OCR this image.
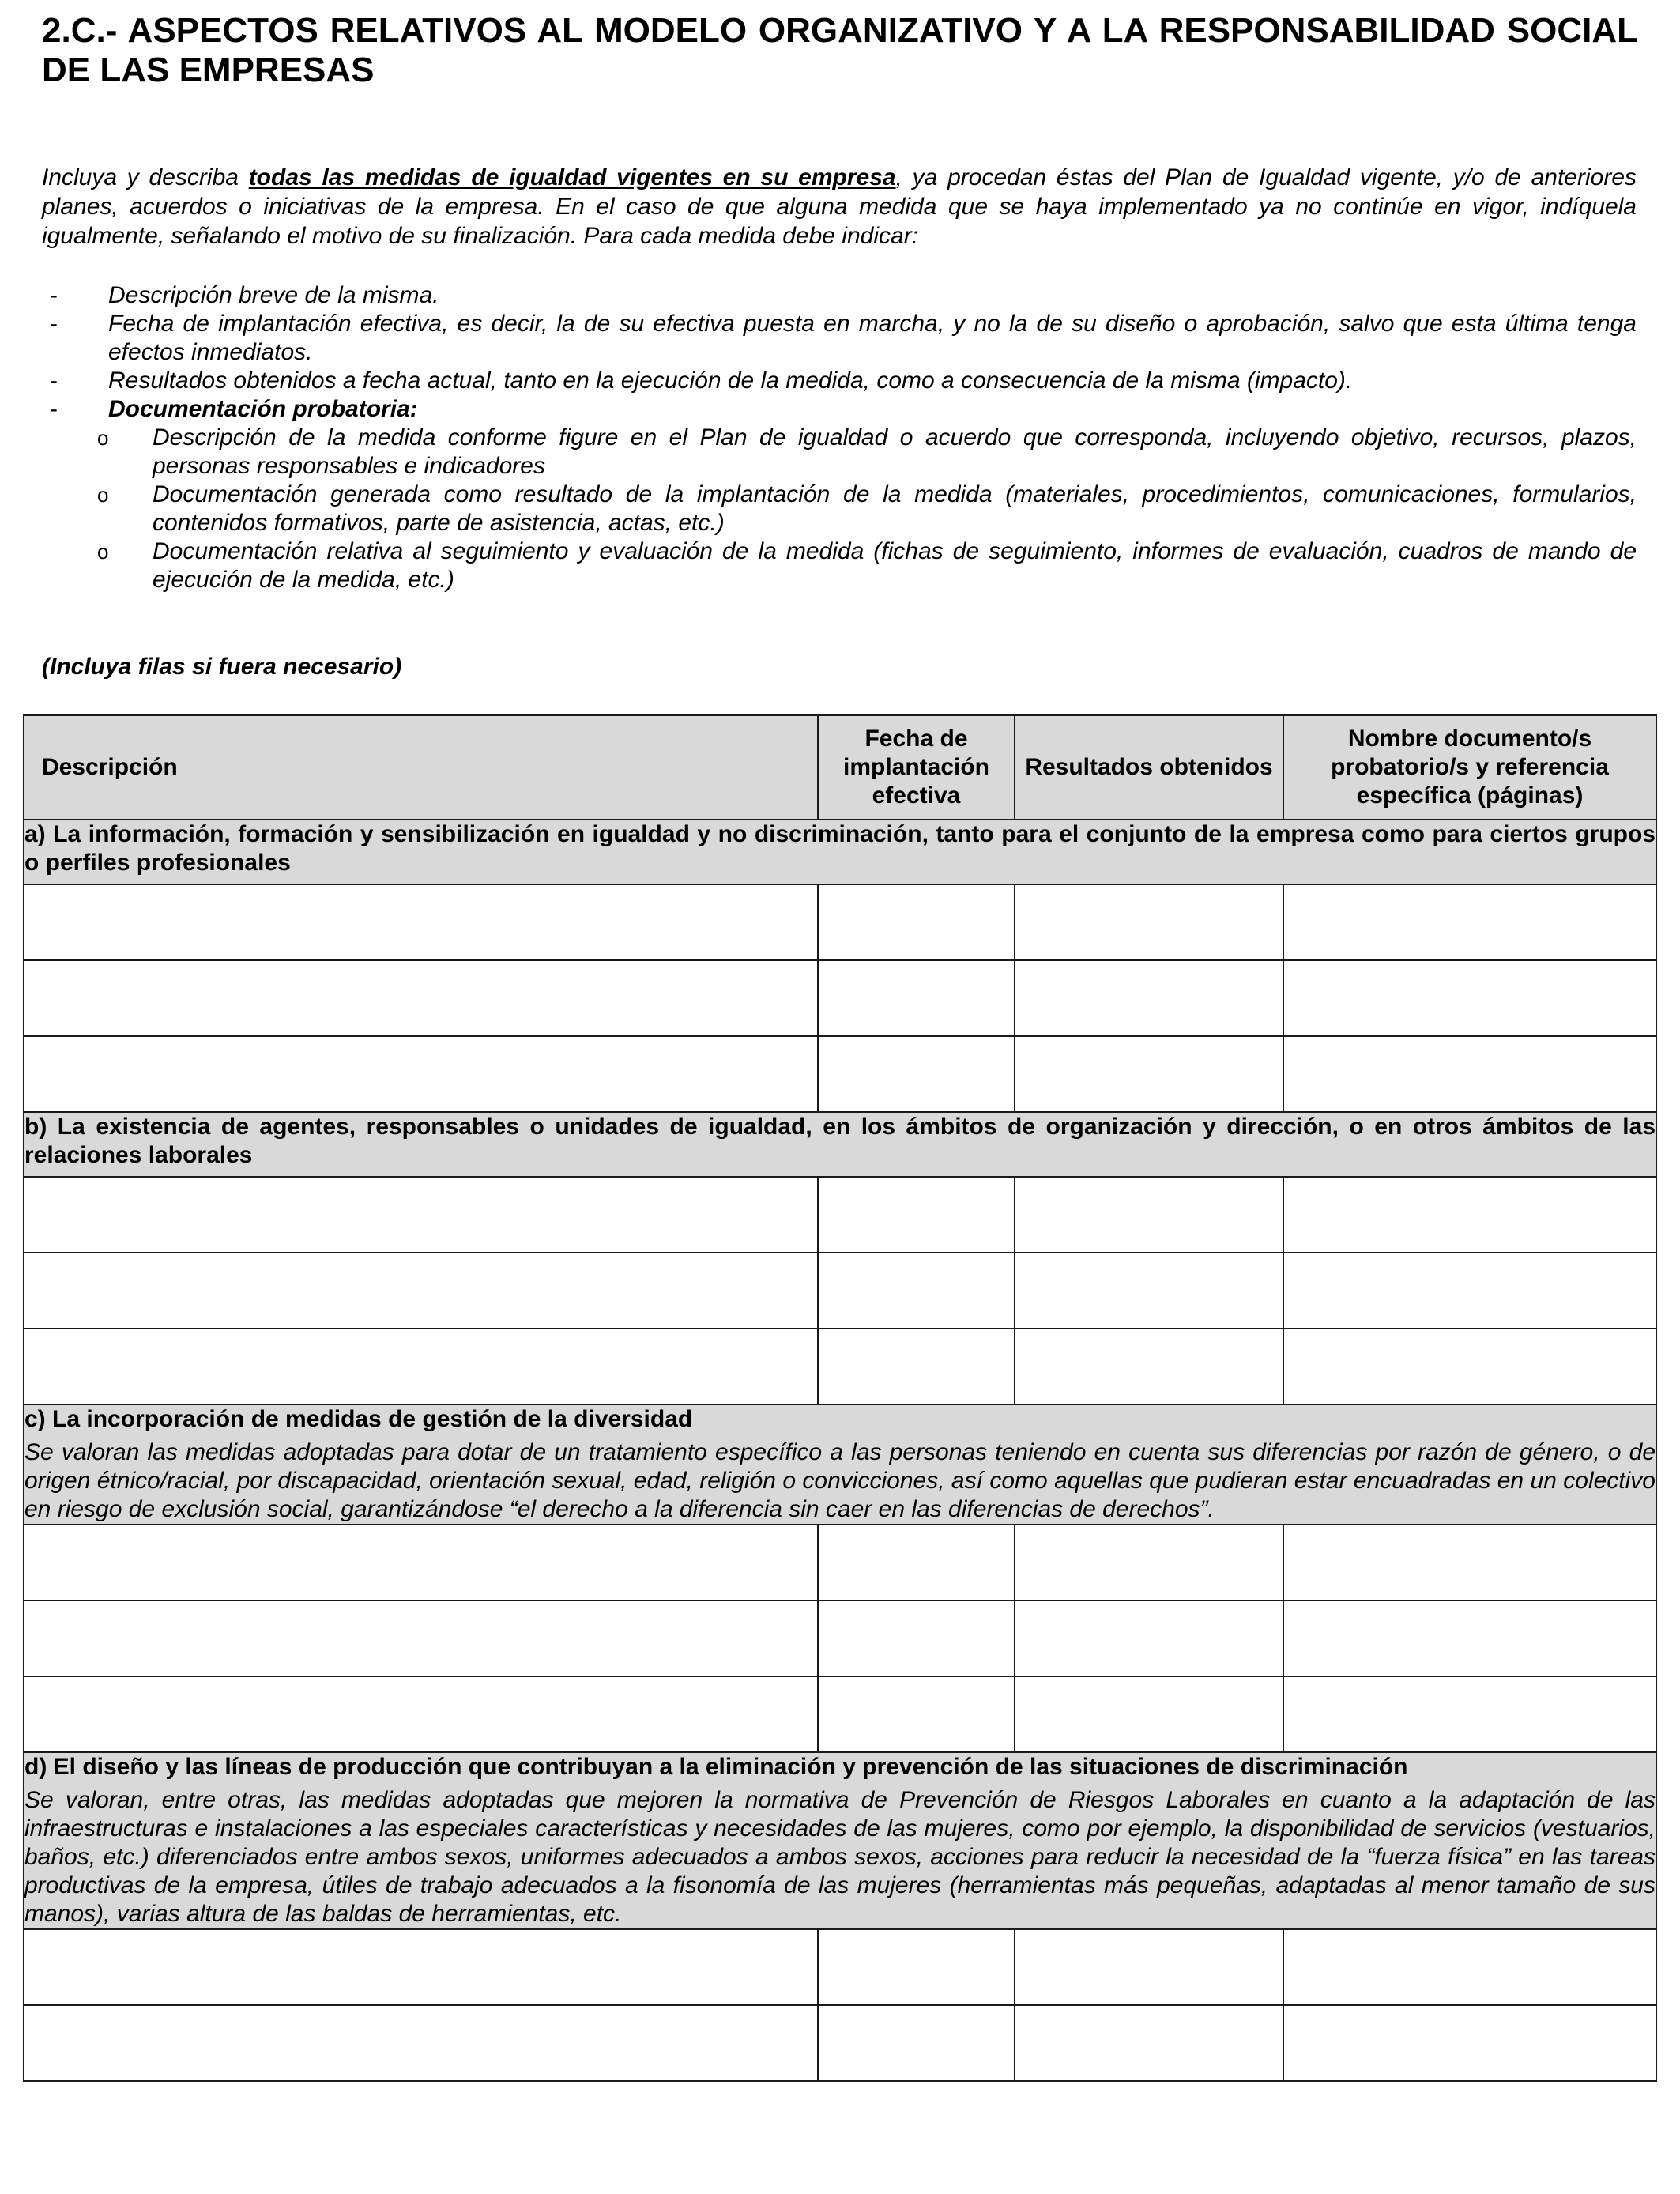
2.C.- ASPECTOS RELATIVOS AL MODELO ORGANIZATIVO Y A LA RESPONSABILIDAD SOCIAL DE LAS EMPRESAS

Incluya y describa todas las medidas de igualdad vigentes en su empresa, ya procedan éstas del Plan de Igualdad vigente, y/o de anteriores planes, acuerdos o iniciativas de la empresa. En el caso de que alguna medida que se haya implementado ya no continúe en vigor, indíquela igualmente, señalando el motivo de su finalización. Para cada medida debe indicar:

- Descripción breve de la misma.
- Fecha de implantación efectiva, es decir, la de su efectiva puesta en marcha, y no la de su diseño o aprobación, salvo que esta última tenga efectos inmediatos.
- Resultados obtenidos a fecha actual, tanto en la ejecución de la medida, como a consecuencia de la misma (impacto).
- Documentación probatoria:
o Descripción de la medida conforme figure en el Plan de igualdad o acuerdo que corresponda, incluyendo objetivo, recursos, plazos, personas responsables e indicadores
o Documentación generada como resultado de la implantación de la medida (materiales, procedimientos, comunicaciones, formularios, contenidos formativos, parte de asistencia, actas, etc.)
o Documentación relativa al seguimiento y evaluación de la medida (fichas de seguimiento, informes de evaluación, cuadros de mando de ejecución de la medida, etc.)
(Incluya filas si fuera necesario)
Descripción	Fecha de implantación efectiva	Resultados obtenidos	Nombre documento/s probatorio/s y referencia específica (páginas)

a) La información, formación y sensibilización en igualdad y no discriminación, tanto para el conjunto de la empresa como para ciertos grupos o perfiles profesionales			

b) La existencia de agentes, responsables o unidades de igualdad, en los ámbitos de organización y dirección, o en otros ámbitos de las relaciones laborales			

c) La incorporación de medidas de gestión de la diversidad
Se valoran las medidas adoptadas para dotar de un tratamiento específico a las personas teniendo en cuenta sus diferencias por razón de género, o de origen étnico/racial, por discapacidad, orientación sexual, edad, religión o convicciones, así como aquellas que pudieran estar encuadradas en un colectivo en riesgo de exclusión social, garantizándose “el derecho a la diferencia sin caer en las diferencias de derechos”.			

d) El diseño y las líneas de producción que contribuyan a la eliminación y prevención de las situaciones de discriminación
Se valoran, entre otras, las medidas adoptadas que mejoren la normativa de Prevención de Riesgos Laborales en cuanto a la adaptación de las infraestructuras e instalaciones a las especiales características y necesidades de las mujeres, como por ejemplo, la disponibilidad de servicios (vestuarios, baños, etc.) diferenciados entre ambos sexos, uniformes adecuados a ambos sexos, acciones para reducir la necesidad de la “fuerza física” en las tareas productivas de la empresa, útiles de trabajo adecuados a la fisonomía de las mujeres (herramientas más pequeñas, adaptadas al menor tamaño de sus manos), varias altura de las baldas de herramientas, etc.			
